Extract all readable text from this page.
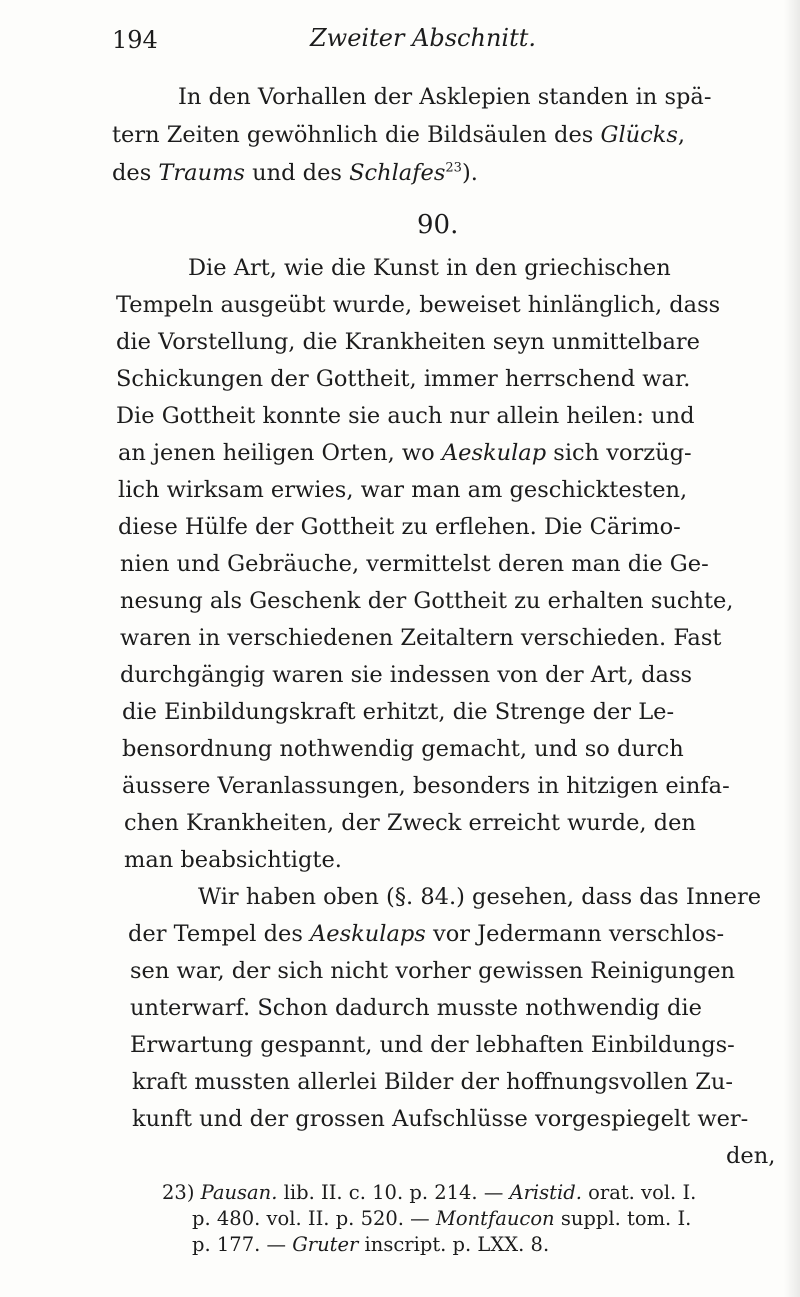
194	Zweiter Abschnitt.
In den Vorhallen der Asklepien standen in spä-
tern Zeiten gewöhnlich die Bildsäulen des Glücks,
des Traums und des Schlafes$^{23}$).
90.
Die Art, wie die Kunst in den griechischen
Tempeln ausgeübt wurde, beweiset hinlänglich, dass
die Vorstellung, die Krankheiten seyn unmittelbare
Schickungen der Gottheit, immer herrschend war.
Die Gottheit konnte sie auch nur allein heilen: und
an jenen heiligen Orten, wo Aeskulap sich vorzüg-
lich wirksam erwies, war man am geschicktesten,
diese Hülfe der Gottheit zu erflehen. Die Cärimo-
nien und Gebräuche, vermittelst deren man die Ge-
nesung als Geschenk der Gottheit zu erhalten suchte,
waren in verschiedenen Zeitaltern verschieden. Fast
durchgängig waren sie indessen von der Art, dass
die Einbildungskraft erhitzt, die Strenge der Le-
bensordnung nothwendig gemacht, und so durch
äussere Veranlassungen, besonders in hitzigen einfa-
chen Krankheiten, der Zweck erreicht wurde, den
man beabsichtigte.
Wir haben oben (§. 84.) gesehen, dass das Innere
der Tempel des Aeskulaps vor Jedermann verschlos-
sen war, der sich nicht vorher gewissen Reinigungen
unterwarf. Schon dadurch musste nothwendig die
Erwartung gespannt, und der lebhaften Einbildungs-
kraft mussten allerlei Bilder der hoffnungsvollen Zu-
kunft und der grossen Aufschlüsse vorgespiegelt wer-
den,
23) Pausan. lib. II. c. 10. p. 214. — Aristid. orat. vol. I.
p. 480. vol. II. p. 520. — Montfaucon suppl. tom. I.
p. 177. — Gruter inscript. p. LXX. 8.
